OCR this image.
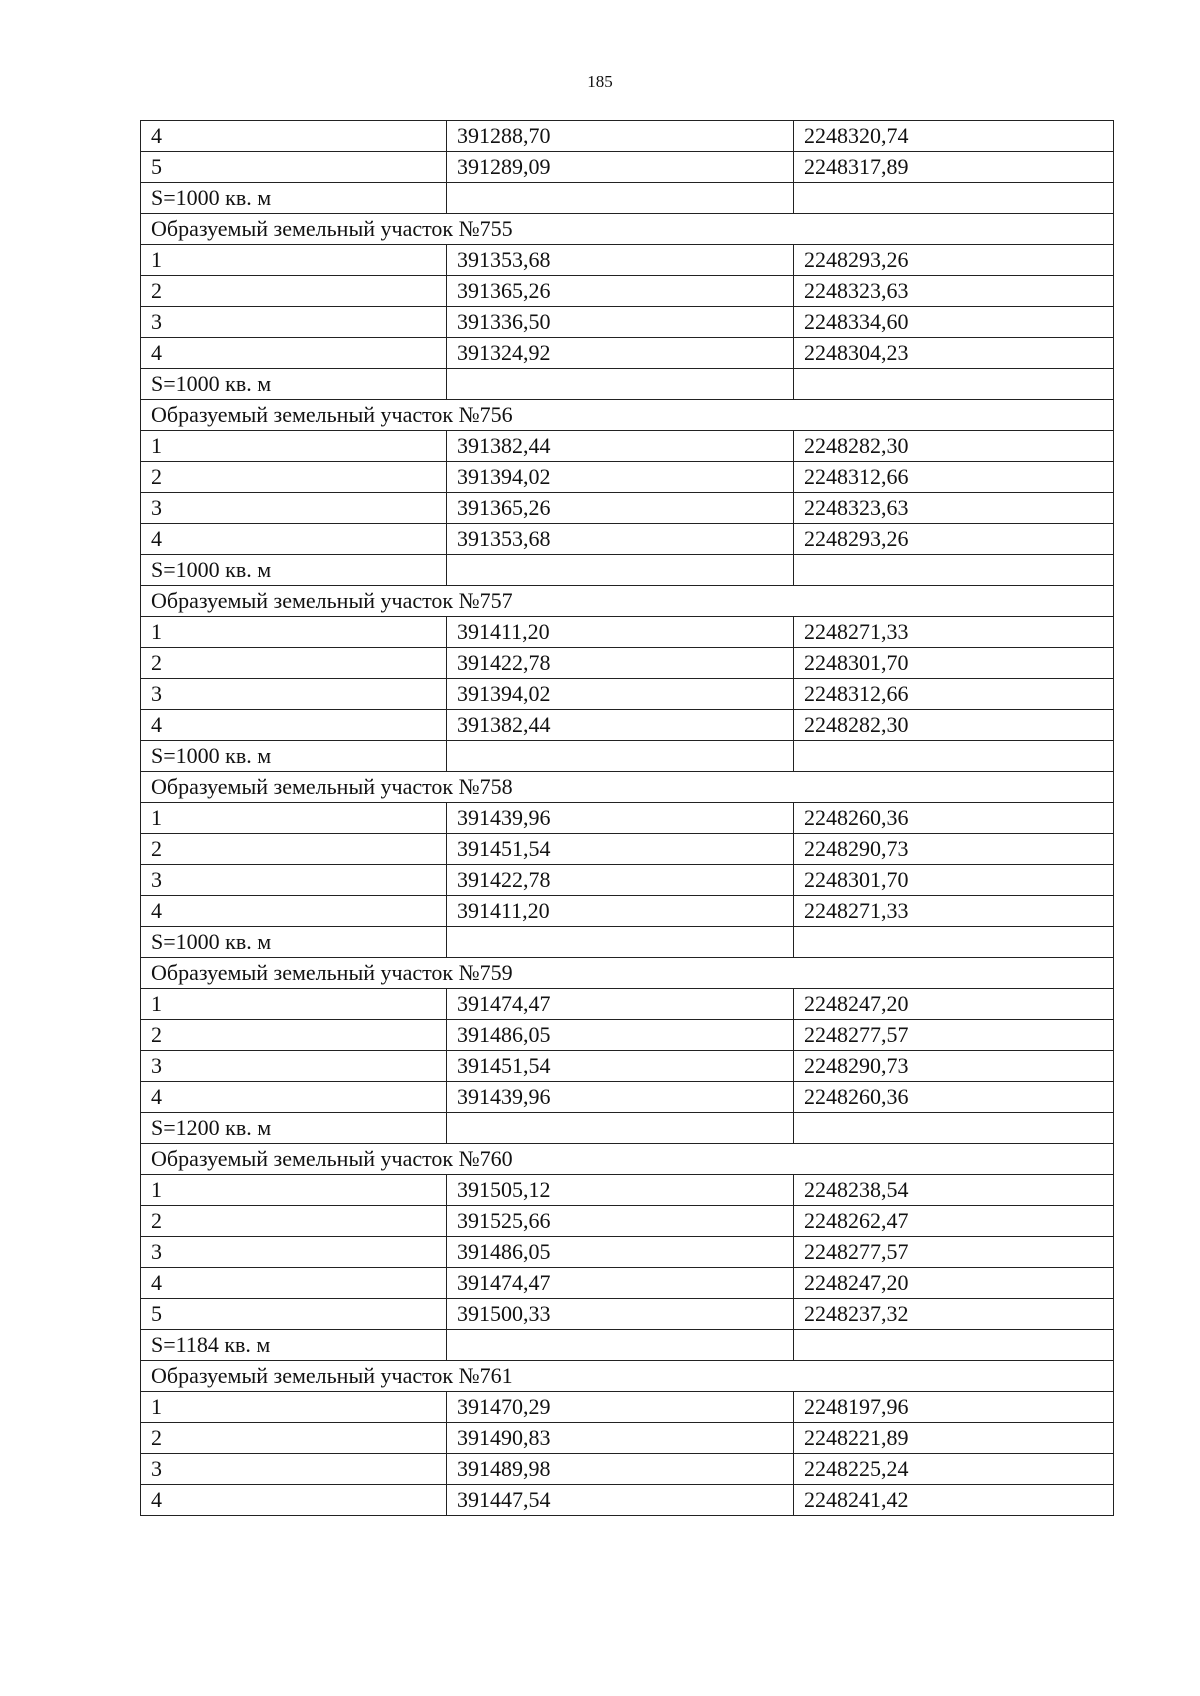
185
4	391288,70	2248320,74
5	391289,09	2248317,89
S=1000 кв. м		
Образуемый земельный участок №755		
1	391353,68	2248293,26
2	391365,26	2248323,63
3	391336,50	2248334,60
4	391324,92	2248304,23
S=1000 кв. м		
Образуемый земельный участок №756		
1	391382,44	2248282,30
2	391394,02	2248312,66
3	391365,26	2248323,63
4	391353,68	2248293,26
S=1000 кв. м		
Образуемый земельный участок №757		
1	391411,20	2248271,33
2	391422,78	2248301,70
3	391394,02	2248312,66
4	391382,44	2248282,30
S=1000 кв. м		
Образуемый земельный участок №758		
1	391439,96	2248260,36
2	391451,54	2248290,73
3	391422,78	2248301,70
4	391411,20	2248271,33
S=1000 кв. м		
Образуемый земельный участок №759		
1	391474,47	2248247,20
2	391486,05	2248277,57
3	391451,54	2248290,73
4	391439,96	2248260,36
S=1200 кв. м		
Образуемый земельный участок №760		
1	391505,12	2248238,54
2	391525,66	2248262,47
3	391486,05	2248277,57
4	391474,47	2248247,20
5	391500,33	2248237,32
S=1184 кв. м		
Образуемый земельный участок №761		
1	391470,29	2248197,96
2	391490,83	2248221,89
3	391489,98	2248225,24
4	391447,54	2248241,42
